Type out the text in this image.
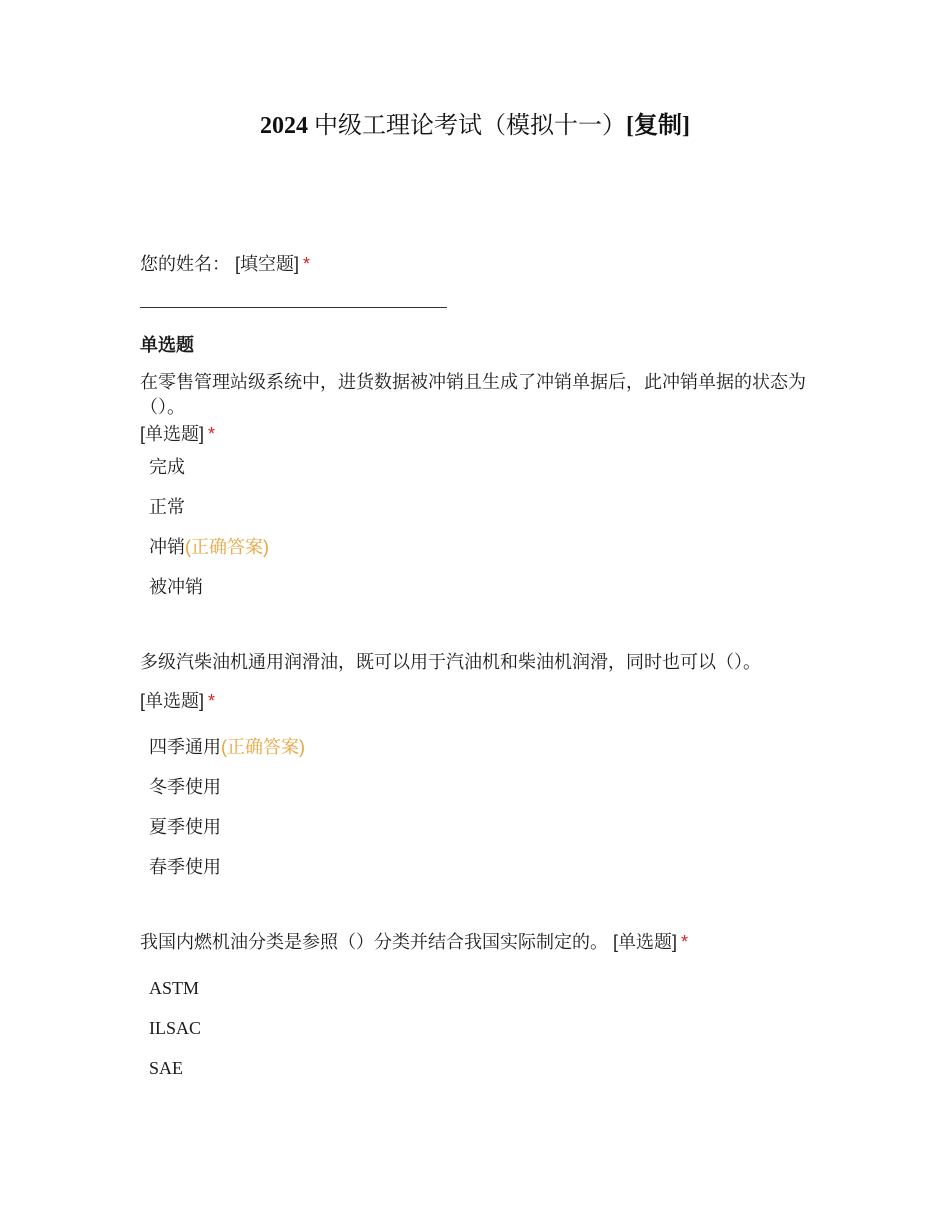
2024 中级工理论考试（模拟十一）[复制]
您的姓名： [填空题] *
单选题
在零售管理站级系统中，进货数据被冲销且生成了冲销单据后，此冲销单据的状态为（）。
[单选题] *
完成
正常
冲销(正确答案)
被冲销
多级汽柴油机通用润滑油，既可以用于汽油机和柴油机润滑，同时也可以（）。
[单选题] *
四季通用(正确答案)
冬季使用
夏季使用
春季使用
我国内燃机油分类是参照（）分类并结合我国实际制定的。 [单选题] *
ASTM
ILSAC
SAE
